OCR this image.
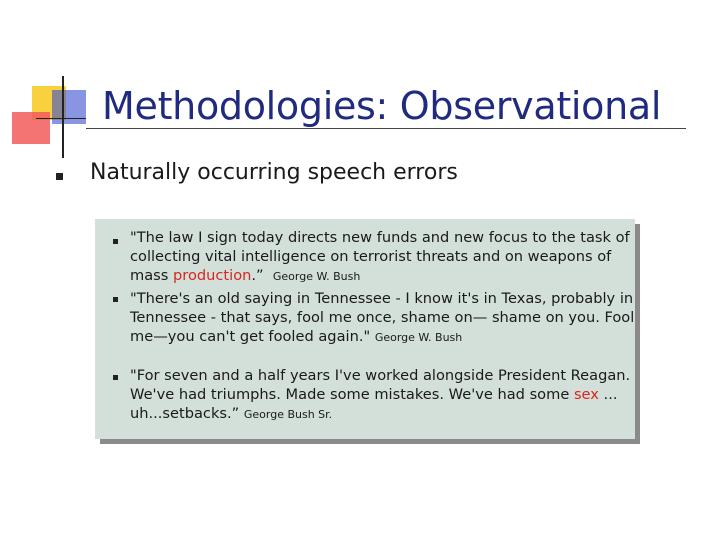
Methodologies: Observational
Naturally occurring speech errors
"The law I sign today directs new funds and new focus to the task of collecting vital intelligence on terrorist threats and on weapons of mass production.” George W. Bush
"There's an old saying in Tennessee - I know it's in Texas, probably in Tennessee - that says, fool me once, shame on— shame on you. Fool me—you can't get fooled again." George W. Bush
"For seven and a half years I've worked alongside President Reagan. We've had triumphs. Made some mistakes. We've had some sex ... uh...setbacks.” George Bush Sr.
